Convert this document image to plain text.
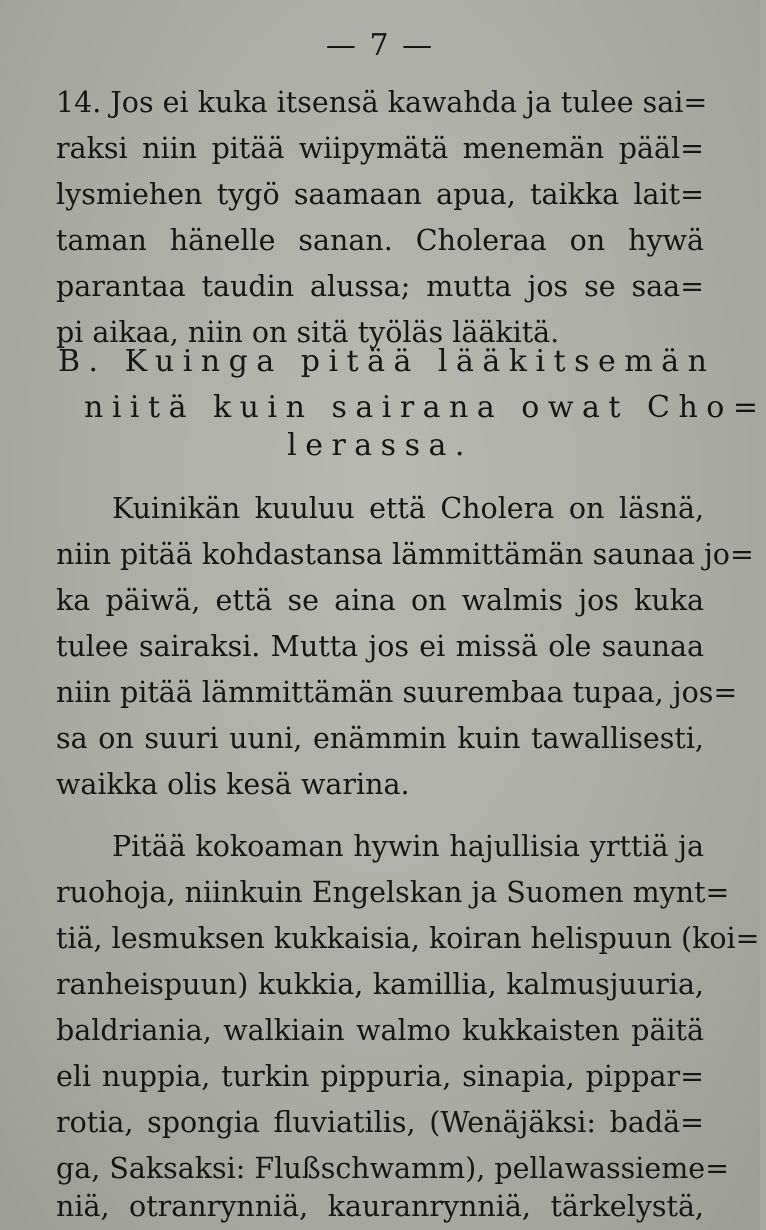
— 7 —
14. Jos ei kuka itsensä kawahda ja tulee sai=
raksi niin pitää wiipymätä menemän pääl=
lysmiehen tygö saamaan apua, taikka lait=
taman hänelle sanan. Choleraa on hywä
parantaa taudin alussa; mutta jos se saa=
pi aikaa, niin on sitä työläs lääkitä.
B. Kuinga pitää lääkitsemän
niitä kuin sairana owat Cho=
lerassa.
Kuinikän kuuluu että Cholera on läsnä,
niin pitää kohdastansa lämmittämän saunaa jo=
ka päiwä, että se aina on walmis jos kuka
tulee sairaksi. Mutta jos ei missä ole saunaa
niin pitää lämmittämän suurembaa tupaa, jos=
sa on suuri uuni, enämmin kuin tawallisesti,
waikka olis kesä warina.
Pitää kokoaman hywin hajullisia yrttiä ja
ruohoja, niinkuin Engelskan ja Suomen mynt=
tiä, lesmuksen kukkaisia, koiran helispuun (koi=
ranheispuun) kukkia, kamillia, kalmusjuuria,
baldriania, walkiain walmo kukkaisten päitä
eli nuppia, turkin pippuria, sinapia, pippar=
rotia, spongia fluviatilis, (Wenäjäksi: badä=
ga, Saksaksi: Flußschwamm), pellawassieme=
niä, otranrynniä, kauranrynniä, tärkelystä,
